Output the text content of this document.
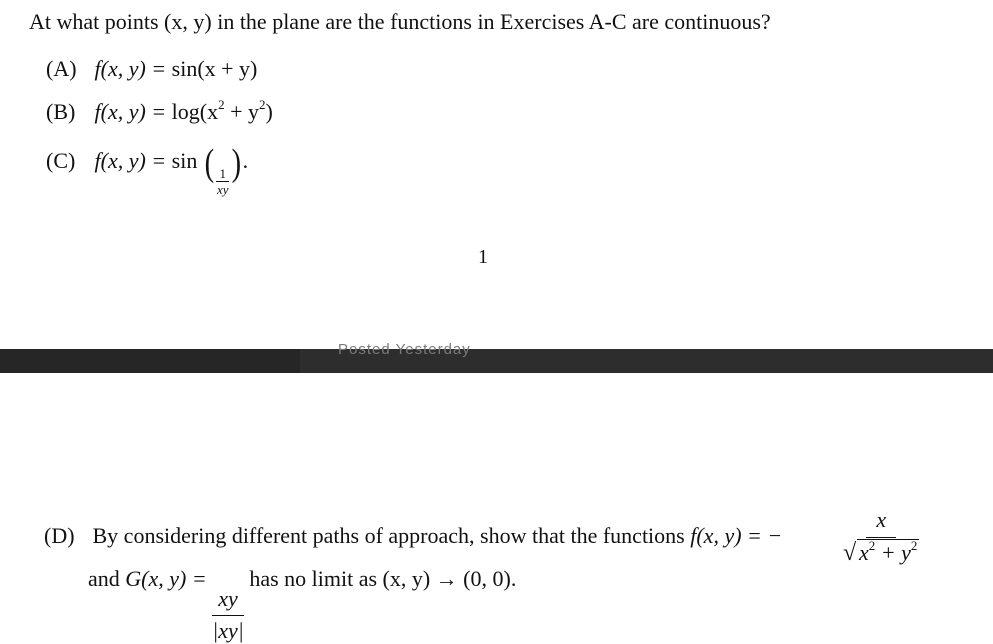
At what points (x, y) in the plane are the functions in Exercises A-C are continuous?
(A) f(x, y) = sin(x + y)
(B) f(x, $y) = \log(x^2 + y^2)$
(C) f(x, y) = sin ( $\frac{1}{xy}$ ).
1
Posted Yesterday
(D) By considering different paths of approach, show that the functions f(x, y) = −	$\frac{x}{√ x^2 + y^2}$
and G(x, y) =
$\frac{xy}{|xy|}$
has no limit as (x, y) → (0, 0).
